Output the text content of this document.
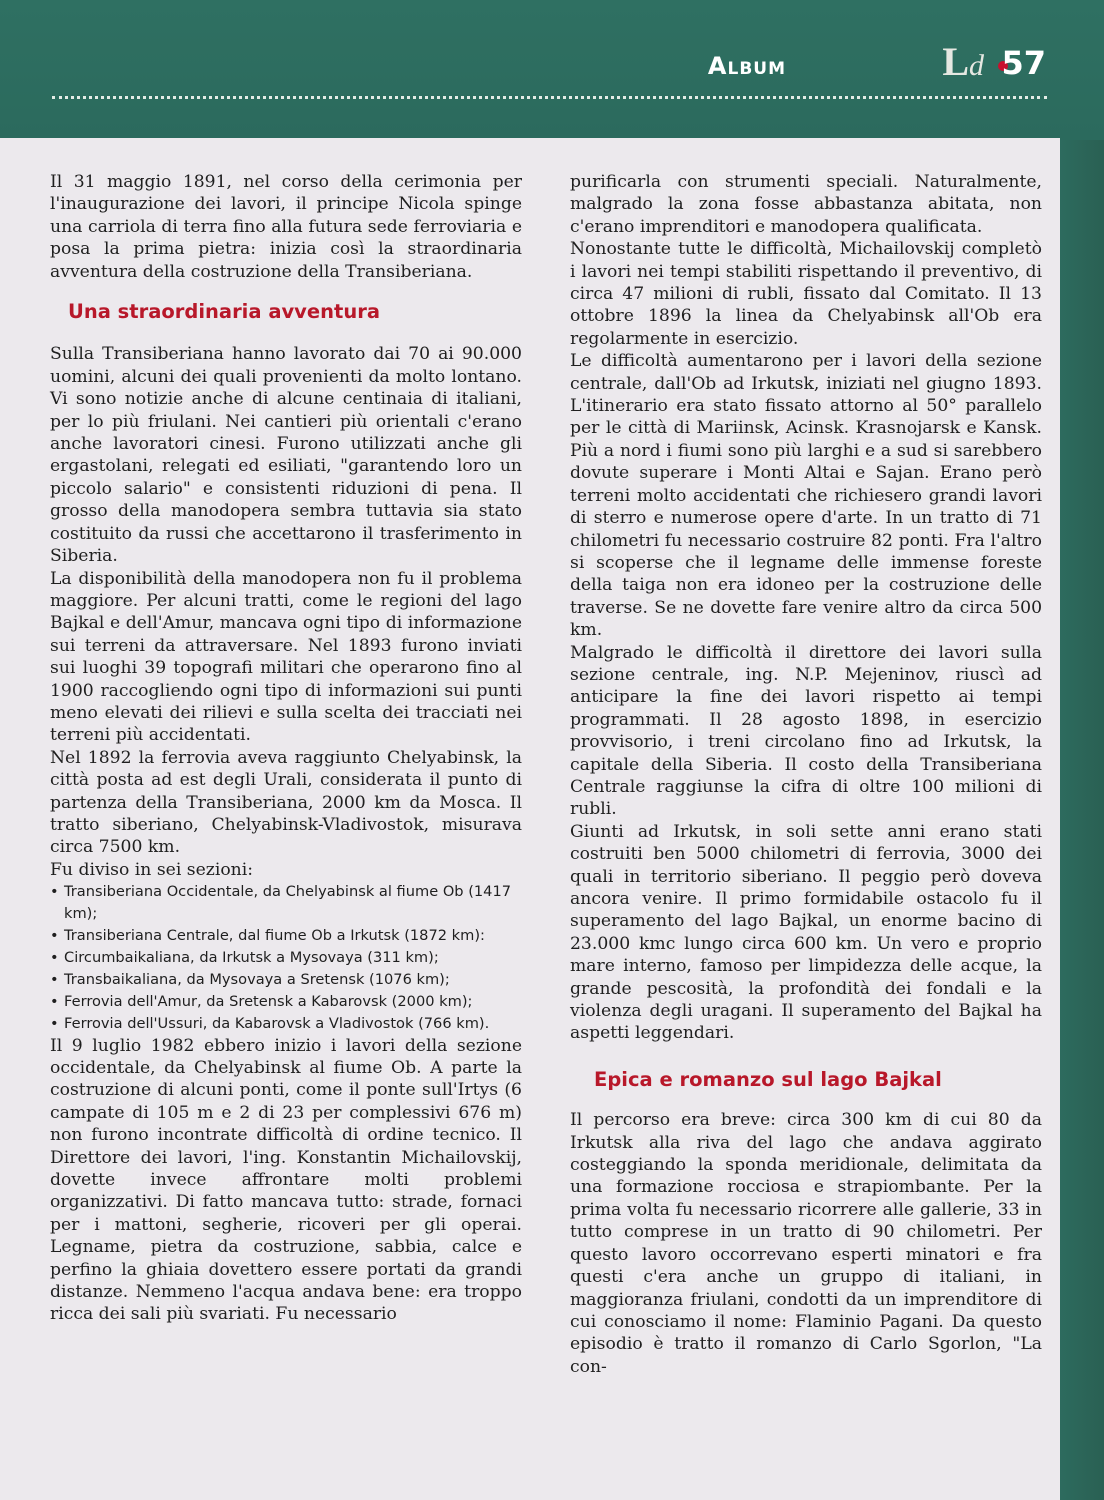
Album	Ld 57

Il 31 maggio 1891, nel corso della cerimonia per l'inaugurazione dei lavori, il principe Nicola spinge una carriola di terra fino alla futura sede ferroviaria e posa la prima pietra: inizia così la straordinaria avventura della costruzione della Transiberiana.

Una straordinaria avventura

Sulla Transiberiana hanno lavorato dai 70 ai 90.000 uomini, alcuni dei quali provenienti da molto lontano. Vi sono notizie anche di alcune centinaia di italiani, per lo più friulani. Nei cantieri più orientali c'erano anche lavoratori cinesi. Furono utilizzati anche gli ergastolani, relegati ed esiliati, "garantendo loro un piccolo salario" e consistenti riduzioni di pena. Il grosso della manodopera sembra tuttavia sia stato costituito da russi che accettarono il trasferimento in Siberia.

La disponibilità della manodopera non fu il problema maggiore. Per alcuni tratti, come le regioni del lago Bajkal e dell'Amur, mancava ogni tipo di informazione sui terreni da attraversare. Nel 1893 furono inviati sui luoghi 39 topografi militari che operarono fino al 1900 raccogliendo ogni tipo di informazioni sui punti meno elevati dei rilievi e sulla scelta dei tracciati nei terreni più accidentati.

Nel 1892 la ferrovia aveva raggiunto Chelyabinsk, la città posta ad est degli Urali, considerata il punto di partenza della Transiberiana, 2000 km da Mosca. Il tratto siberiano, Chelyabinsk-Vladivostok, misurava circa 7500 km.

Fu diviso in sei sezioni:

• Transiberiana Occidentale, da Chelyabinsk al fiume Ob (1417 km);
• Transiberiana Centrale, dal fiume Ob a Irkutsk (1872 km):
• Circumbaikaliana, da Irkutsk a Mysovaya (311 km);
• Transbaikaliana, da Mysovaya a Sretensk (1076 km);
• Ferrovia dell'Amur, da Sretensk a Kabarovsk (2000 km);
• Ferrovia dell'Ussuri, da Kabarovsk a Vladivostok (766 km).

Il 9 luglio 1982 ebbero inizio i lavori della sezione occidentale, da Chelyabinsk al fiume Ob. A parte la costruzione di alcuni ponti, come il ponte sull'Irtys (6 campate di 105 m e 2 di 23 per complessivi 676 m) non furono incontrate difficoltà di ordine tecnico. Il Direttore dei lavori, l'ing. Konstantin Michailovskij, dovette invece affrontare molti problemi organizzativi. Di fatto mancava tutto: strade, fornaci per i mattoni, segherie, ricoveri per gli operai. Legname, pietra da costruzione, sabbia, calce e perfino la ghiaia dovettero essere portati da grandi distanze. Nemmeno l'acqua andava bene: era troppo ricca dei sali più svariati. Fu necessario

purificarla con strumenti speciali. Naturalmente, malgrado la zona fosse abbastanza abitata, non c'erano imprenditori e manodopera qualificata.

Nonostante tutte le difficoltà, Michailovskij completò i lavori nei tempi stabiliti rispettando il preventivo, di circa 47 milioni di rubli, fissato dal Comitato. Il 13 ottobre 1896 la linea da Chelyabinsk all'Ob era regolarmente in esercizio.

Le difficoltà aumentarono per i lavori della sezione centrale, dall'Ob ad Irkutsk, iniziati nel giugno 1893. L'itinerario era stato fissato attorno al 50° parallelo per le città di Mariinsk, Acinsk. Krasnojarsk e Kansk. Più a nord i fiumi sono più larghi e a sud si sarebbero dovute superare i Monti Altai e Sajan. Erano però terreni molto accidentati che richiesero grandi lavori di sterro e numerose opere d'arte. In un tratto di 71 chilometri fu necessario costruire 82 ponti. Fra l'altro si scoperse che il legname delle immense foreste della taiga non era idoneo per la costruzione delle traverse. Se ne dovette fare venire altro da circa 500 km.

Malgrado le difficoltà il direttore dei lavori sulla sezione centrale, ing. N.P. Mejeninov, riuscì ad anticipare la fine dei lavori rispetto ai tempi programmati. Il 28 agosto 1898, in esercizio provvisorio, i treni circolano fino ad Irkutsk, la capitale della Siberia. Il costo della Transiberiana Centrale raggiunse la cifra di oltre 100 milioni di rubli.

Giunti ad Irkutsk, in soli sette anni erano stati costruiti ben 5000 chilometri di ferrovia, 3000 dei quali in territorio siberiano. Il peggio però doveva ancora venire. Il primo formidabile ostacolo fu il superamento del lago Bajkal, un enorme bacino di 23.000 kmc lungo circa 600 km. Un vero e proprio mare interno, famoso per limpidezza delle acque, la grande pescosità, la profondità dei fondali e la violenza degli uragani. Il superamento del Bajkal ha aspetti leggendari.

Epica e romanzo sul lago Bajkal

Il percorso era breve: circa 300 km di cui 80 da Irkutsk alla riva del lago che andava aggirato costeggiando la sponda meridionale, delimitata da una formazione rocciosa e strapiombante. Per la prima volta fu necessario ricorrere alle gallerie, 33 in tutto comprese in un tratto di 90 chilometri. Per questo lavoro occorrevano esperti minatori e fra questi c'era anche un gruppo di italiani, in maggioranza friulani, condotti da un imprenditore di cui conosciamo il nome: Flaminio Pagani. Da questo episodio è tratto il romanzo di Carlo Sgorlon, "La con-
